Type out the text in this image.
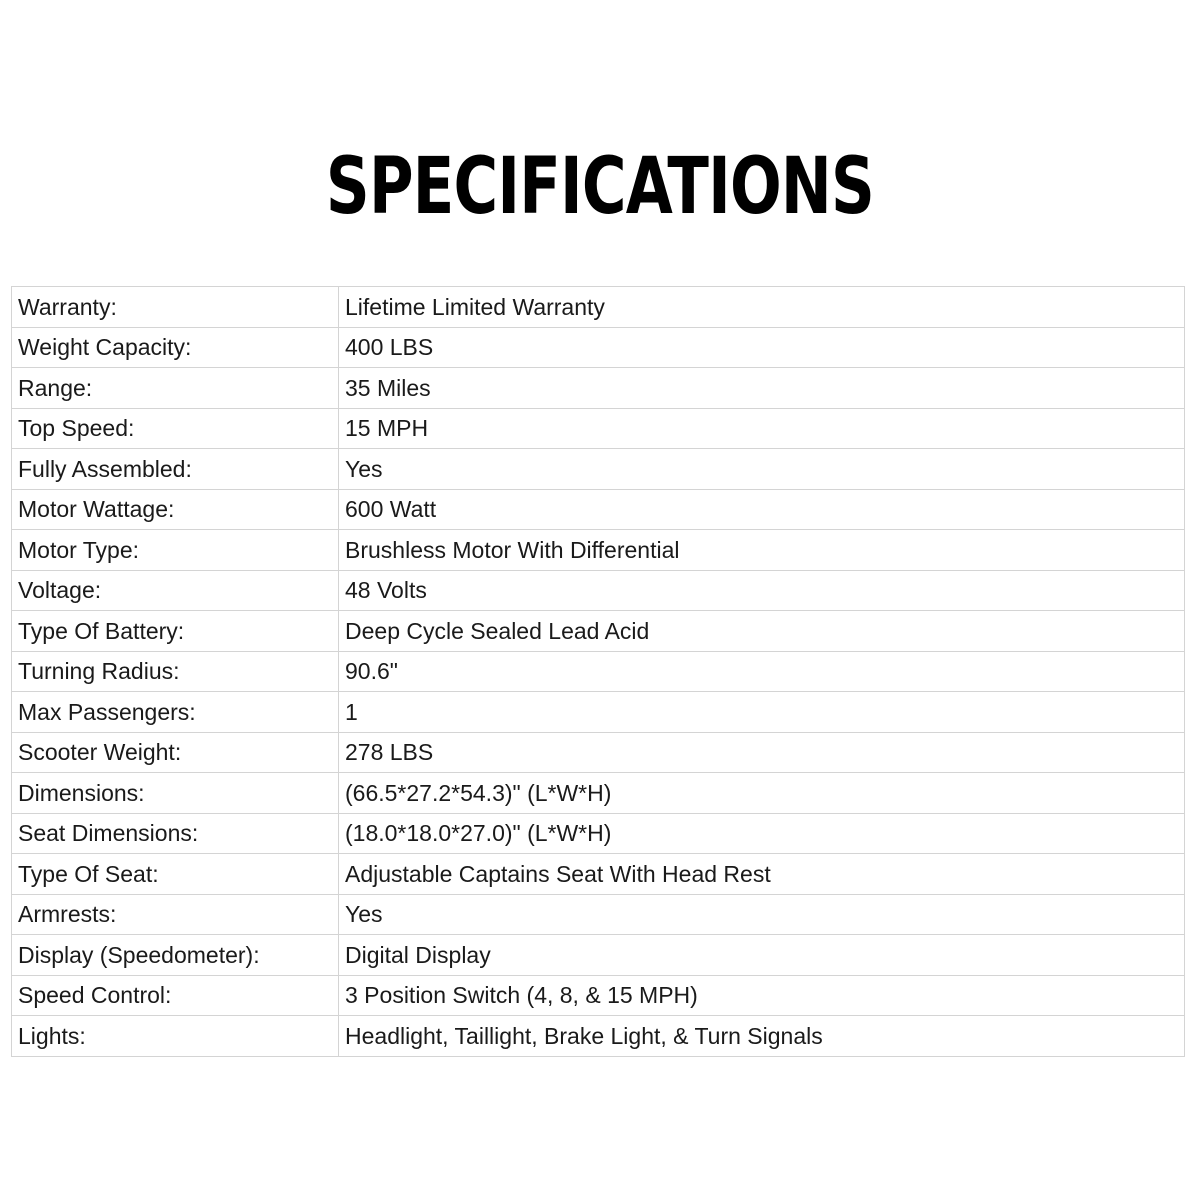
SPECIFICATIONS
Warranty:	Lifetime Limited Warranty
Weight Capacity:	400 LBS
Range:	35 Miles
Top Speed:	15 MPH
Fully Assembled:	Yes
Motor Wattage:	600 Watt
Motor Type:	Brushless Motor With Differential
Voltage:	48 Volts
Type Of Battery:	Deep Cycle Sealed Lead Acid
Turning Radius:	90.6"
Max Passengers:	1
Scooter Weight:	278 LBS
Dimensions:	(66.5*27.2*54.3)" (L*W*H)
Seat Dimensions:	(18.0*18.0*27.0)" (L*W*H)
Type Of Seat:	Adjustable Captains Seat With Head Rest
Armrests:	Yes
Display (Speedometer):	Digital Display
Speed Control:	3 Position Switch (4, 8, & 15 MPH)
Lights:	Headlight, Taillight, Brake Light, & Turn Signals
